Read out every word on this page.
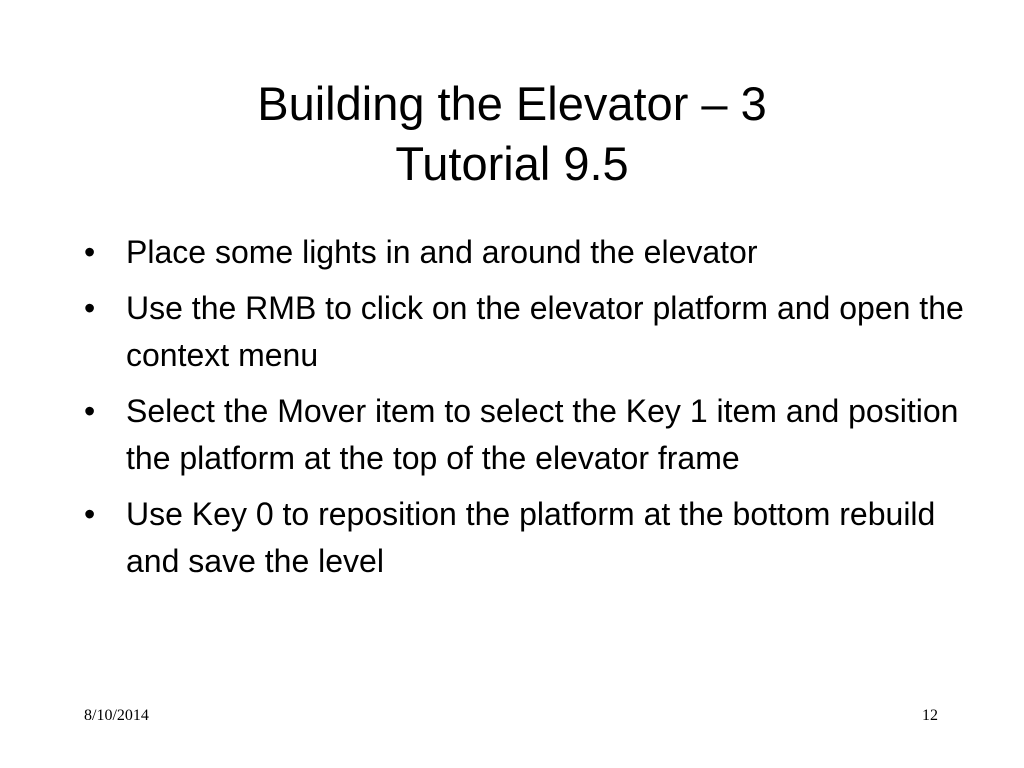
Building the Elevator – 3
Tutorial 9.5
• Place some lights in and around the elevator
• Use the RMB to click on the elevator platform and open the context menu
• Select the Mover item to select the Key 1 item and position the platform at the top of the elevator frame
• Use Key 0 to reposition the platform at the bottom rebuild and save the level
8/10/2014	12
